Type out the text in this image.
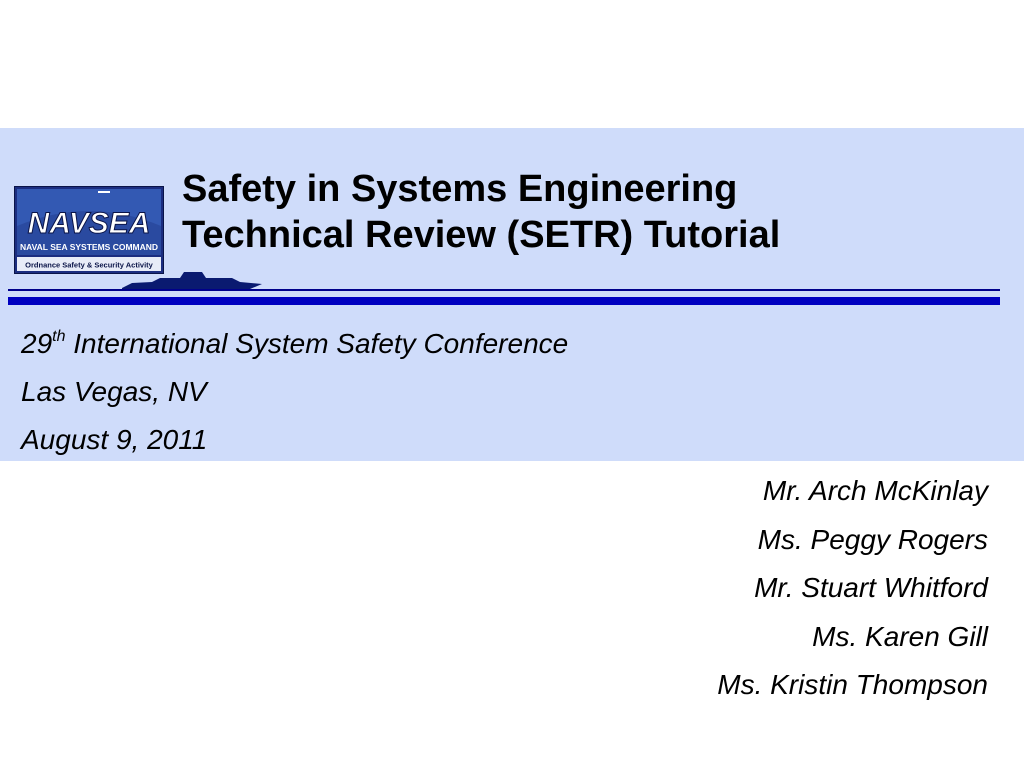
NAVSEA
NAVAL SEA SYSTEMS COMMAND
Ordnance Safety & Security Activity
Safety in Systems Engineering
Technical Review (SETR) Tutorial
29th International System Safety Conference
Las Vegas, NV
August 9, 2011
Mr. Arch McKinlay
Ms. Peggy Rogers
Mr. Stuart Whitford
Ms. Karen Gill
Ms. Kristin Thompson
